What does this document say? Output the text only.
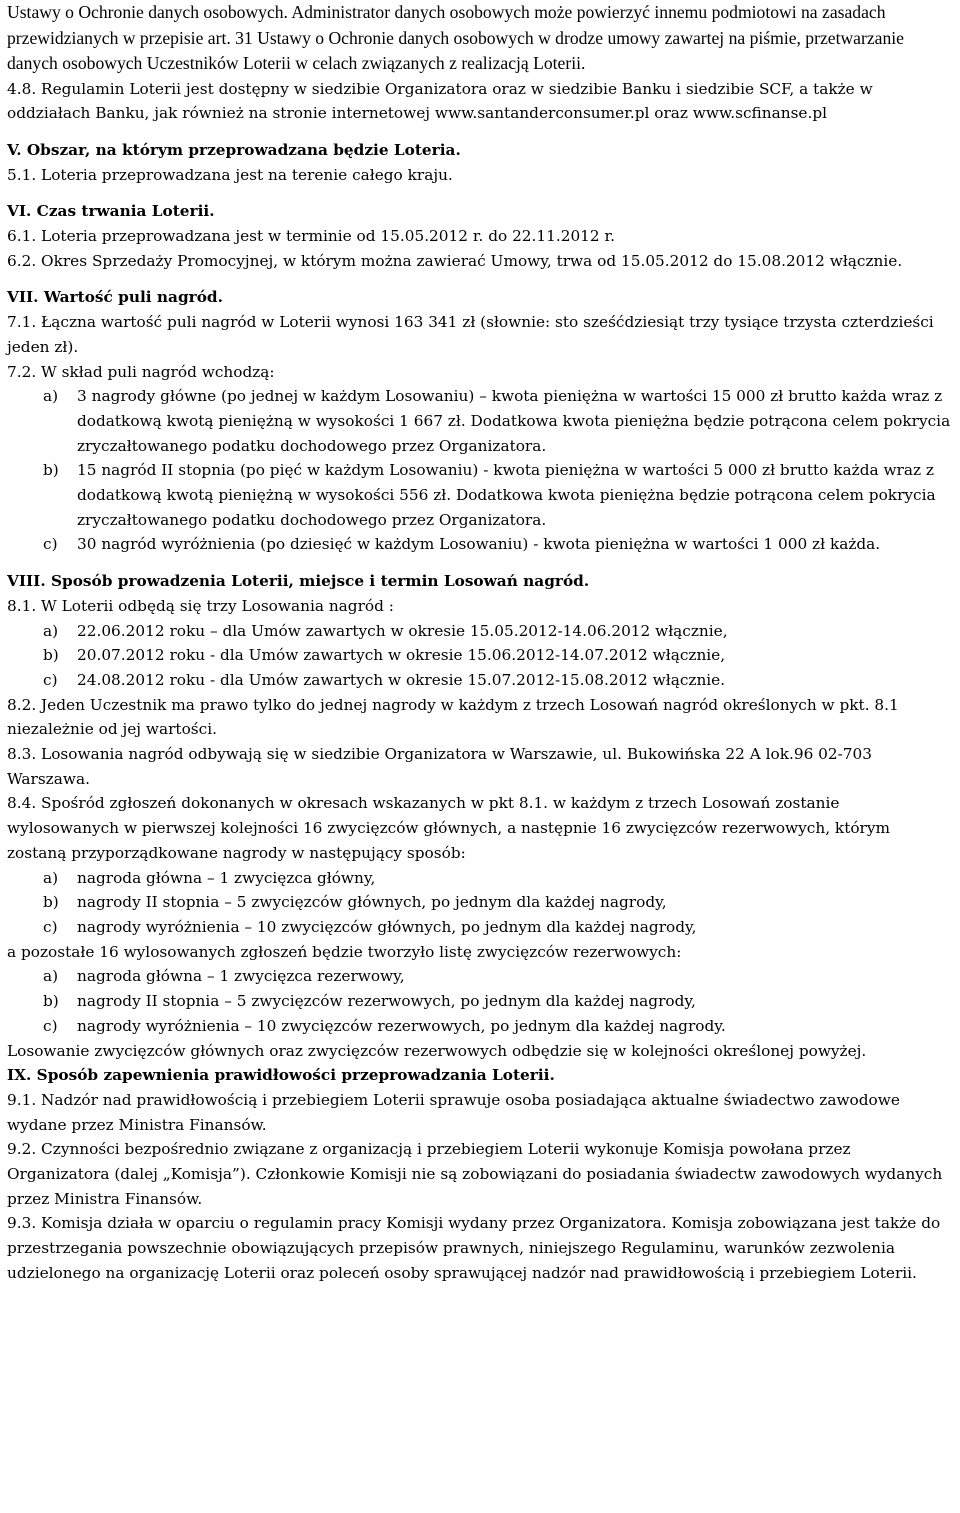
Ustawy o Ochronie danych osobowych. Administrator danych osobowych może powierzyć innemu podmiotowi na zasadach przewidzianych w przepisie art. 31 Ustawy o Ochronie danych osobowych w drodze umowy zawartej na piśmie, przetwarzanie danych osobowych Uczestników Loterii w celach związanych z realizacją Loterii.

4.8. Regulamin Loterii jest dostępny w siedzibie Organizatora oraz w siedzibie Banku i siedzibie SCF, a także w oddziałach Banku, jak również na stronie internetowej www.santanderconsumer.pl oraz www.scfinanse.pl

V. Obszar, na którym przeprowadzana będzie Loteria.

5.1. Loteria przeprowadzana jest na terenie całego kraju.

VI. Czas trwania Loterii.

6.1. Loteria przeprowadzana jest w terminie od 15.05.2012 r. do 22.11.2012 r.

6.2. Okres Sprzedaży Promocyjnej, w którym można zawierać Umowy, trwa od 15.05.2012 do 15.08.2012 włącznie.

VII. Wartość puli nagród.

7.1. Łączna wartość puli nagród w Loterii wynosi 163 341 zł (słownie: sto sześćdziesiąt trzy tysiące trzysta czterdzieści jeden zł).

7.2. W skład puli nagród wchodzą:

a)	3 nagrody główne (po jednej w każdym Losowaniu) – kwota pieniężna w wartości 15 000 zł brutto każda wraz z dodatkową kwotą pieniężną w wysokości 1 667 zł. Dodatkowa kwota pieniężna będzie potrącona celem pokrycia zryczałtowanego podatku dochodowego przez Organizatora.
b)	15 nagród II stopnia (po pięć w każdym Losowaniu) - kwota pieniężna w wartości 5 000 zł brutto każda wraz z dodatkową kwotą pieniężną w wysokości 556 zł. Dodatkowa kwota pieniężna będzie potrącona celem pokrycia zryczałtowanego podatku dochodowego przez Organizatora.
c)	30 nagród wyróżnienia (po dziesięć w każdym Losowaniu) - kwota pieniężna w wartości 1 000 zł każda.

VIII. Sposób prowadzenia Loterii, miejsce i termin Losowań nagród.

8.1. W Loterii odbędą się trzy Losowania nagród :

a)	22.06.2012 roku – dla Umów zawartych w okresie 15.05.2012-14.06.2012 włącznie,
b)	20.07.2012 roku - dla Umów zawartych w okresie 15.06.2012-14.07.2012 włącznie,
c)	24.08.2012 roku - dla Umów zawartych w okresie 15.07.2012-15.08.2012 włącznie.

8.2. Jeden Uczestnik ma prawo tylko do jednej nagrody w każdym z trzech Losowań nagród określonych w pkt. 8.1 niezależnie od jej wartości.

8.3. Losowania nagród odbywają się w siedzibie Organizatora w Warszawie, ul. Bukowińska 22 A lok.96 02-703 Warszawa.

8.4. Spośród zgłoszeń dokonanych w okresach wskazanych w pkt 8.1. w każdym z trzech Losowań zostanie wylosowanych w pierwszej kolejności 16 zwycięzców głównych, a następnie 16 zwycięzców rezerwowych, którym zostaną przyporządkowane nagrody w następujący sposób:

a)	nagroda główna – 1 zwycięzca główny,
b)	nagrody II stopnia – 5 zwycięzców głównych, po jednym dla każdej nagrody,
c)	nagrody wyróżnienia – 10 zwycięzców głównych, po jednym dla każdej nagrody,

a pozostałe 16 wylosowanych zgłoszeń będzie tworzyło listę zwycięzców rezerwowych:

a)	nagroda główna – 1 zwycięzca rezerwowy,
b)	nagrody II stopnia – 5 zwycięzców rezerwowych, po jednym dla każdej nagrody,
c)	nagrody wyróżnienia – 10 zwycięzców rezerwowych, po jednym dla każdej nagrody.

Losowanie zwycięzców głównych oraz zwycięzców rezerwowych odbędzie się w kolejności określonej powyżej.

IX. Sposób zapewnienia prawidłowości przeprowadzania Loterii.

9.1. Nadzór nad prawidłowością i przebiegiem Loterii sprawuje osoba posiadająca aktualne świadectwo zawodowe wydane przez Ministra Finansów.

9.2. Czynności bezpośrednio związane z organizacją i przebiegiem Loterii wykonuje Komisja powołana przez Organizatora (dalej „Komisja”). Członkowie Komisji nie są zobowiązani do posiadania świadectw zawodowych wydanych przez Ministra Finansów.

9.3. Komisja działa w oparciu o regulamin pracy Komisji wydany przez Organizatora. Komisja zobowiązana jest także do przestrzegania powszechnie obowiązujących przepisów prawnych, niniejszego Regulaminu, warunków zezwolenia udzielonego na organizację Loterii oraz poleceń osoby sprawującej nadzór nad prawidłowością i przebiegiem Loterii.
